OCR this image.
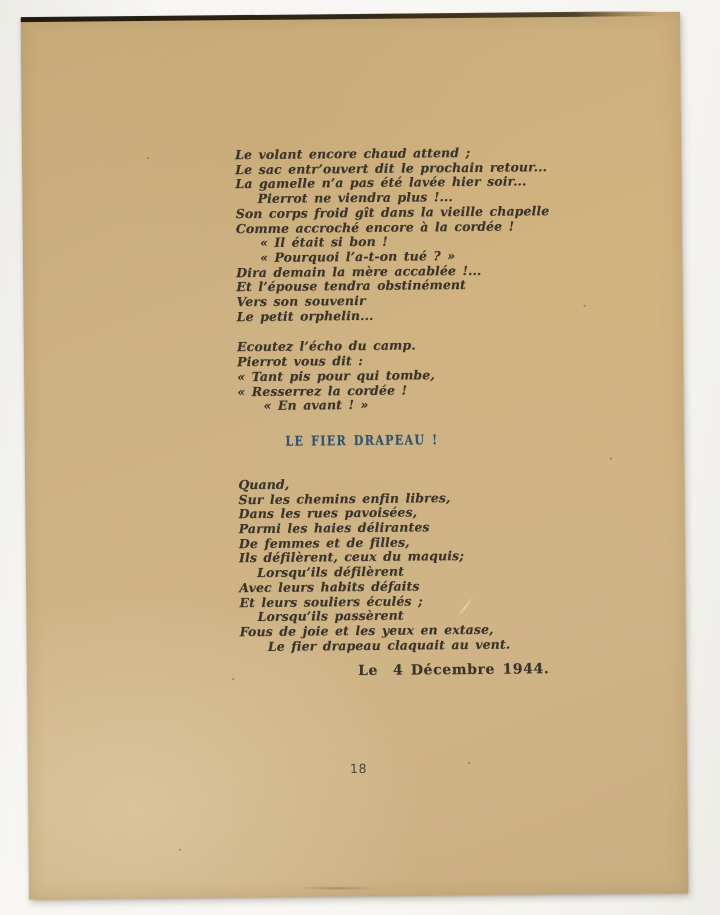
Le volant encore chaud attend ;
Le sac entr’ouvert dit le prochain retour...
La gamelle n’a pas été lavée hier soir...
Pierrot ne viendra plus !...
Son corps froid gît dans la vieille chapelle
Comme accroché encore à la cordée !
« Il était si bon !
« Pourquoi l’a-t-on tué ? »
Dira demain la mère accablée !...
Et l’épouse tendra obstinément
Vers son souvenir
Le petit orphelin...
Ecoutez l’écho du camp.
Pierrot vous dit :
« Tant pis pour qui tombe,
« Resserrez la cordée !
« En avant ! »
LE FIER DRAPEAU !
Quand,
Sur les chemins enfin libres,
Dans les rues pavoisées,
Parmi les haies délirantes
De femmes et de filles,
Ils défilèrent, ceux du maquis;
Lorsqu’ils défilèrent
Avec leurs habits défaits
Et leurs souliers éculés ;
Lorsqu’ils passèrent
Fous de joie et les yeux en extase,
Le fier drapeau claquait au vent.
Le  4 Décembre 1944.
18
